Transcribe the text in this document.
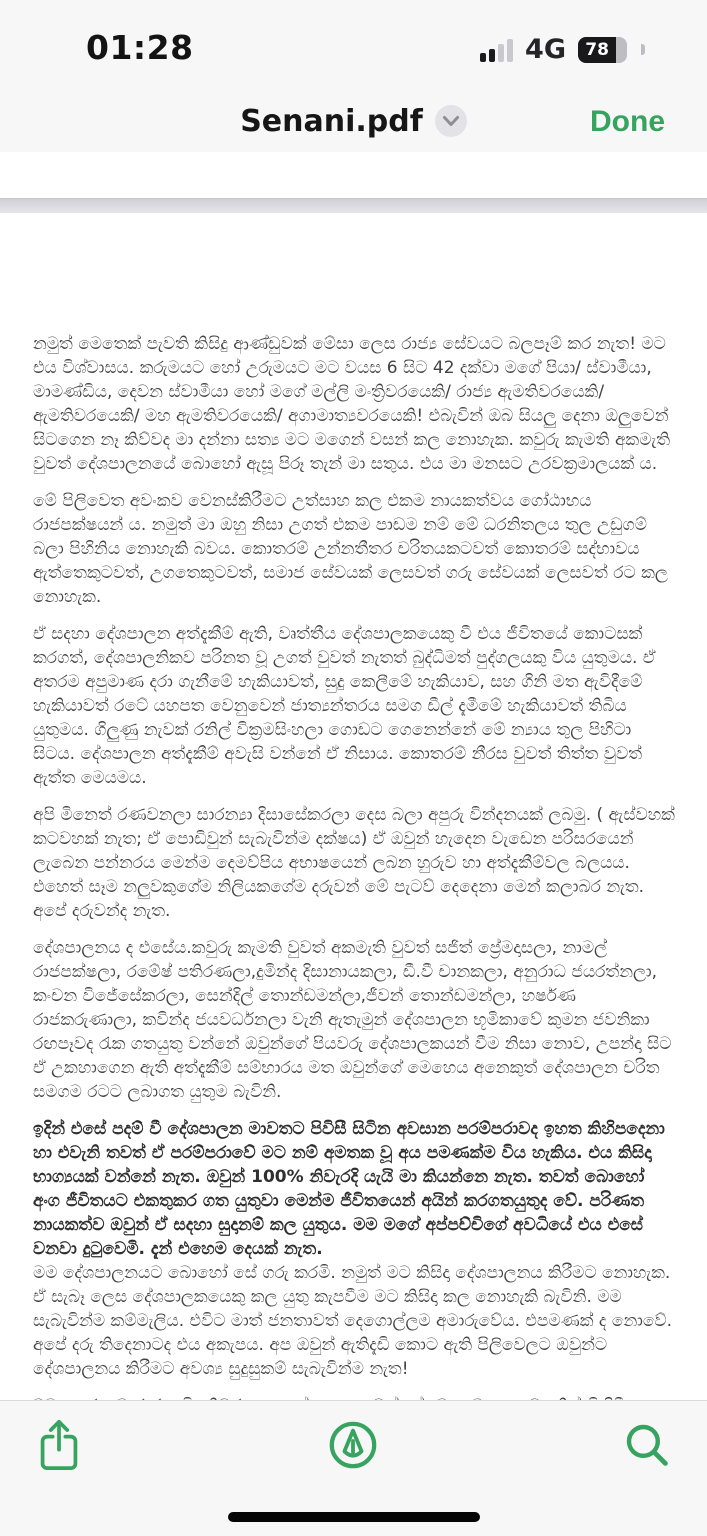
01:28	4G	78
Senani.pdf	Done

නමුත් මෙතෙක් පැවති කිසිදු ආණ්ඩුවක් මේසා ලෙස රාජ්‍ය සේවයට බලපෑම් කර නැත! මට එය විශ්වාසය. කරුමයට හෝ උරුමයට මට වයස 6 සිට 42 දක්වා මගේ පියා/ ස්වාමීයා, මාමණ්ඩිය, දෙවන ස්වාමීයා හෝ මගේ මල්ලි මංත්‍රිවරයෙකි/ රාජ්‍ය ඇමතිවරයෙකි/ ඇමතිවරයෙකි/ මහ ඇමතිවරයෙකි/ අගාමාත්‍යවරයෙකි! එබැවින් ඔබ සියලු දෙනා ඔලුවෙන් සිටගෙන නෑ කිව්වද මා දන්නා සත්‍ය මට මගෙන් වසන් කල නොහැක. කවුරු කැමති අකමැති වුවත් දේශපාලනයේ බොහෝ ඇසූ පිරූ තැන් මා සතුය. එය මා මනසට උරවක්‍රමාලයක් ය.

මේ පිලිවෙත අවංකව වෙනස්කිරීමට උත්සාහ කල එකම නායකත්වය ගෝඨාභය රාජපක්ෂයන් ය. නමුත් මා ඔහු නිසා උගත් එකම පාඩම නම් මේ ධරනිතලය තුල උඩුගම් බලා පිහිනිය නොහැකි බවය. කොතරම් උන්නතීතර චරිතයකටවත් කොතරම් සද්භාවය ඇත්තෙකුටවත්, උගතෙකුටවත්, සමාජ සේවයක් ලෙසවත් ගරු සේවයක් ලෙසවත් රට කල නොහැක.

ඒ සදහා දේශපාලන අත්දැකීම් ඇති, වෘත්තීය දේශපාලකයෙකු වී එය ජීවිතයේ කොටසක් කරගත්, දේශපාලනිකව පරිනත වූ උගත් වුවත් නැතත් බුද්ධිමත් පුද්ගලයකු විය යුතුමය. ඒ අතරම අපුමාණ දරා ගැනීමේ හැකියාවත්, සුදු කෙලීමේ හැකියාව, සහ ගිනි මත ඇවිදීමේ හැකියාවත් රටේ යහපත වෙනුවෙන් ජාත්‍යන්තරය සමග ඩීල් දැමීමේ හැකියාවත් තිබිය යුතුමය. ගිලුණු නැවක් රනිල් වික්‍රමසිංහලා ගොඩට ගෙනෙන්නේ මේ න්‍යාය තුල පිහිටා සිටය. දේශපාලන අත්දැකීම් අවැසි වන්නේ ඒ නිසාය. කොතරම් නීරස වුවත් තිත්ත වුවත් ඇත්ත මෙයමය.

අපි මිනෙත් රණවනලා සාරන්‍යා දිසාසේකරලා දෙස බලා අපුරු වින්දනයක් ලබමු. ( ඇස්වහක් කටවහක් නැත; ඒ පොඩිවුන් සැබැවින්ම දක්ෂය) ඒ ඔවුන් හැදෙන වැඩෙන පරිසරයෙන් ලැබෙන පන්නරය මෙන්ම දෙමව්පිය අභාෂයෙන් ලබන හුරුව හා අත්දැකීම්වල බලයය. එහෙත් සෑම නලුවකුගේම නිලියකගේම දරුවන් මේ පැටව් දෙදෙනා මෙන් කලාබර නැත. අපේ දරුවන්ද නැත.

දේශපාලනය ද එසේය.කවුරු කැමති වුවත් අකමැති වුවත් සජිත් ප්‍රේමදාසලා, නාමල් රාජපක්ෂලා, රමේෂ් පතිරණලා,දුමින්ද දිසානායකලා, ඩී.වී චානකලා, අනුරාධ ජයරත්නලා, කංචන විජේසේකරලා, සෙන්දිල් තොන්ඩමන්ලා,ජීවන් තොන්ඩමන්ලා, හර්ෂණ රාජකරුණාලා, කවින්ද ජයවර්ධනලා වැනි ඇතැමුන් දේශපාලන භූමිකාවේ කුමන ජවනිකා රඟපෑවද රැක ගතයුතු වන්නේ ඔවුන්ගේ පියවරු දේශපාලකයන් වීම නිසා නොව, උපන්දා සිට ඒ උකහාගෙන ඇති අත්දැකීම් සම්භාරය මත ඔවුන්ගේ මෙහෙය අනෙකුත් දේශපාලන චරිත සමගම රටට ලබාගත යුතුම බැවිනි.

ඉදින් එසේ පදම් වී දේශපාලන මාවතට පිවිසී සිටින අවසාන පරම්පරාවද ඉහත කිහිපදෙනා හා එවැනි තවත් ඒ පරම්පරාවේ මට නම් අමතක වූ අය පමණක්ම විය හැකිය. එය කිසිදා භාග්‍යයක් වන්නේ නැත. ඔවුන් 100% නිවැරදි යැයි මා කියන්නෙ නැත. තවත් බොහෝ අංග ජීවිතයට එකතුකර ගත යුතුවා මෙන්ම ජීවිතයෙන් අයින් කරගතයුතුද වේ. පරිණත නායකත්ව ඔවුන් ඒ සදහා සුදානම් කල යුතුය. මම මගේ අප්පච්චිගේ අවධියේ එය එසේ වනවා දුටුවෙමි. දැන් එහෙම දෙයක් නැත.

මම දේශපාලනයට බොහෝ සේ ගරු කරමි. නමුත් මට කිසිදා දේශපාලනය කිරීමට නොහැක. ඒ සැබෑ ලෙස දේශපාලකයෙකු කල යුතු කැපවීම මට කිසිදා කල නොහැකි බැවිනි. මම සැබැවින්ම කම්මැලිය. එවිට මාත් ජනතාවත් දෙගොල්ලම අමාරුවේය. එපමණක් ද නොවේ. අපේ දරු තිදෙනාටද එය අකැපය. අප ඔවුන් ඇතිදැඩි කොට ඇති පිලිවෙලට ඔවුන්ට දේශපාලනය කිරීමට අවශ්‍ය සුදුසුකම් සැබැවින්ම නැත!
